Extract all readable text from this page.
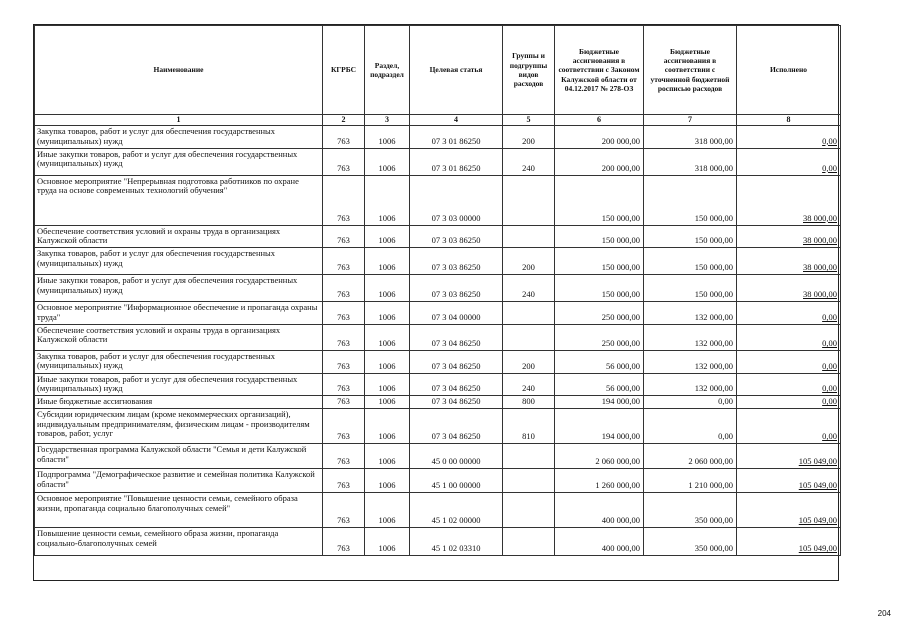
Наименование	КГРБС	Раздел, подраздел	Целевая статья	Группы и подгруппы видов расходов	Бюджетные ассигнования в соответствии с Законом Калужской области от 04.12.2017 № 278-ОЗ	Бюджетные ассигнования в соответствии с уточненной бюджетной росписью расходов	Исполнено
1	2	3	4	5	6	7	8
Закупка товаров, работ и услуг для обеспечения государственных (муниципальных) нужд	763	1006	07 3 01 86250	200	200 000,00	318 000,00	0,00
Иные закупки товаров, работ и услуг для обеспечения государственных (муниципальных) нужд	763	1006	07 3 01 86250	240	200 000,00	318 000,00	0,00
Основное мероприятие "Непрерывная подготовка работников по охране труда на основе современных технологий обучения"	763	1006	07 3 03 00000		150 000,00	150 000,00	38 000,00
Обеспечение соответствия условий и охраны труда в организациях Калужской области	763	1006	07 3 03 86250		150 000,00	150 000,00	38 000,00
Закупка товаров, работ и услуг для обеспечения государственных (муниципальных) нужд	763	1006	07 3 03 86250	200	150 000,00	150 000,00	38 000,00
Иные закупки товаров, работ и услуг для обеспечения государственных (муниципальных) нужд	763	1006	07 3 03 86250	240	150 000,00	150 000,00	38 000,00
Основное мероприятие "Информационное обеспечение и пропаганда охраны труда"	763	1006	07 3 04 00000		250 000,00	132 000,00	0,00
Обеспечение соответствия условий и охраны труда в организациях Калужской области	763	1006	07 3 04 86250		250 000,00	132 000,00	0,00
Закупка товаров, работ и услуг для обеспечения государственных (муниципальных) нужд	763	1006	07 3 04 86250	200	56 000,00	132 000,00	0,00
Иные закупки товаров, работ и услуг для обеспечения государственных (муниципальных) нужд	763	1006	07 3 04 86250	240	56 000,00	132 000,00	0,00
Иные бюджетные ассигнования	763	1006	07 3 04 86250	800	194 000,00	0,00	0,00
Субсидии юридическим лицам (кроме некоммерческих организаций), индивидуальным предпринимателям, физическим лицам - производителям товаров, работ, услуг	763	1006	07 3 04 86250	810	194 000,00	0,00	0,00
Государственная программа Калужской области "Семья и дети Калужской области"	763	1006	45 0 00 00000		2 060 000,00	2 060 000,00	105 049,00
Подпрограмма "Демографическое развитие и семейная политика Калужской области"	763	1006	45 1 00 00000		1 260 000,00	1 210 000,00	105 049,00
Основное мероприятие "Повышение ценности семьи, семейного образа жизни, пропаганда социально благополучных семей"	763	1006	45 1 02 00000		400 000,00	350 000,00	105 049,00
Повышение ценности семьи, семейного образа жизни, пропаганда социально-благополучных семей	763	1006	45 1 02 03310		400 000,00	350 000,00	105 049,00
204
